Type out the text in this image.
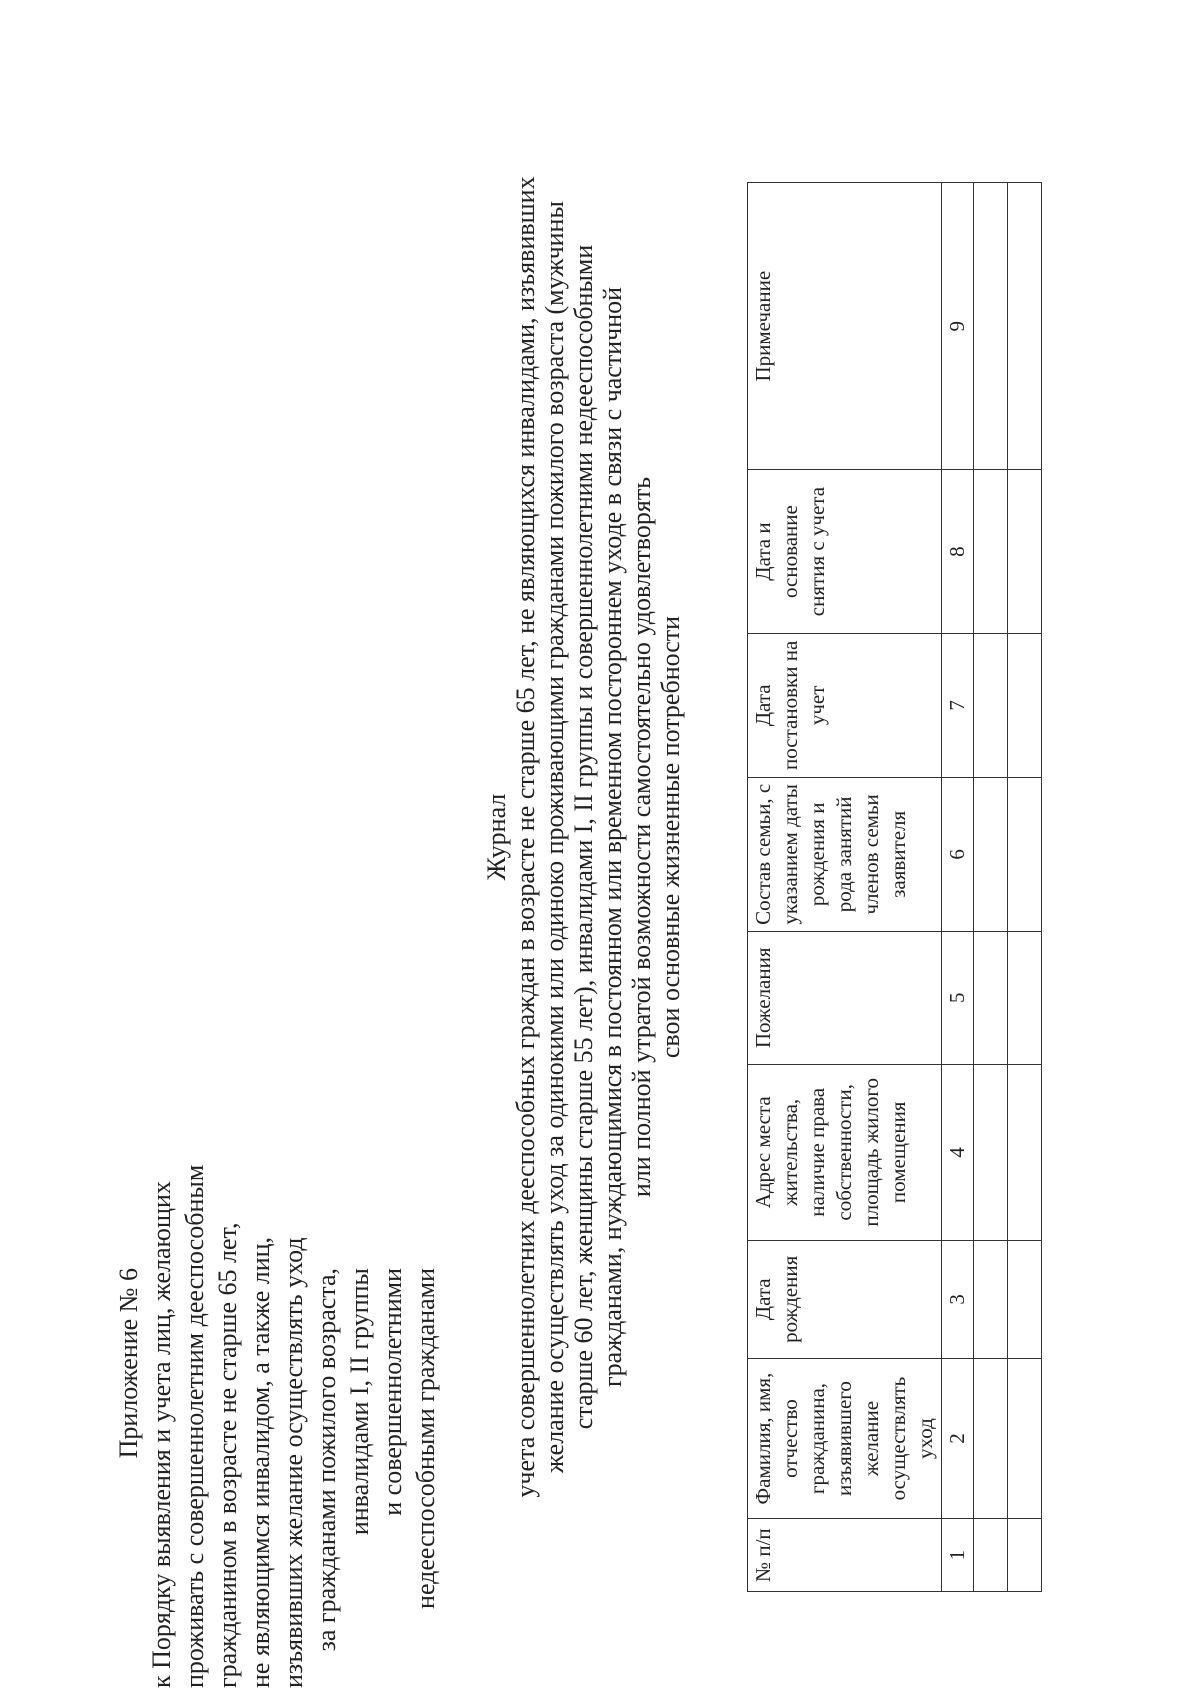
Приложение № 6 к Порядку выявления и учета лиц, желающих проживать с совершеннолетним дееспособным гражданином в возрасте не старше 65 лет, не являющимся инвалидом, а также лиц, изъявивших желание осуществлять уход за гражданами пожилого возраста, инвалидами I, II группы и совершеннолетними недееспособными гражданами
Журнал учета совершеннолетних дееспособных граждан в возрасте не старше 65 лет, не являющихся инвалидами, изъявивших желание осуществлять уход за одинокими или одиноко проживающими гражданами пожилого возраста (мужчины старше 60 лет, женщины старше 55 лет), инвалидами I, II группы и совершеннолетними недееспособными гражданами, нуждающимися в постоянном или временном постороннем уходе в связи с частичной или полной утратой возможности самостоятельно удовлетворять свои основные жизненные потребности
№ п/п	Фамилия, имя, отчество гражданина, изъявившего желание осуществлять уход	Дата рождения	Адрес места жительства, наличие права собственности, площадь жилого помещения	Пожелания	Состав семьи, с указанием даты рождения и рода занятий членов семьи заявителя	Дата постановки на учет	Дата и основание снятия с учета	Примечание
1	2	3	4	5	6	7	8	9
